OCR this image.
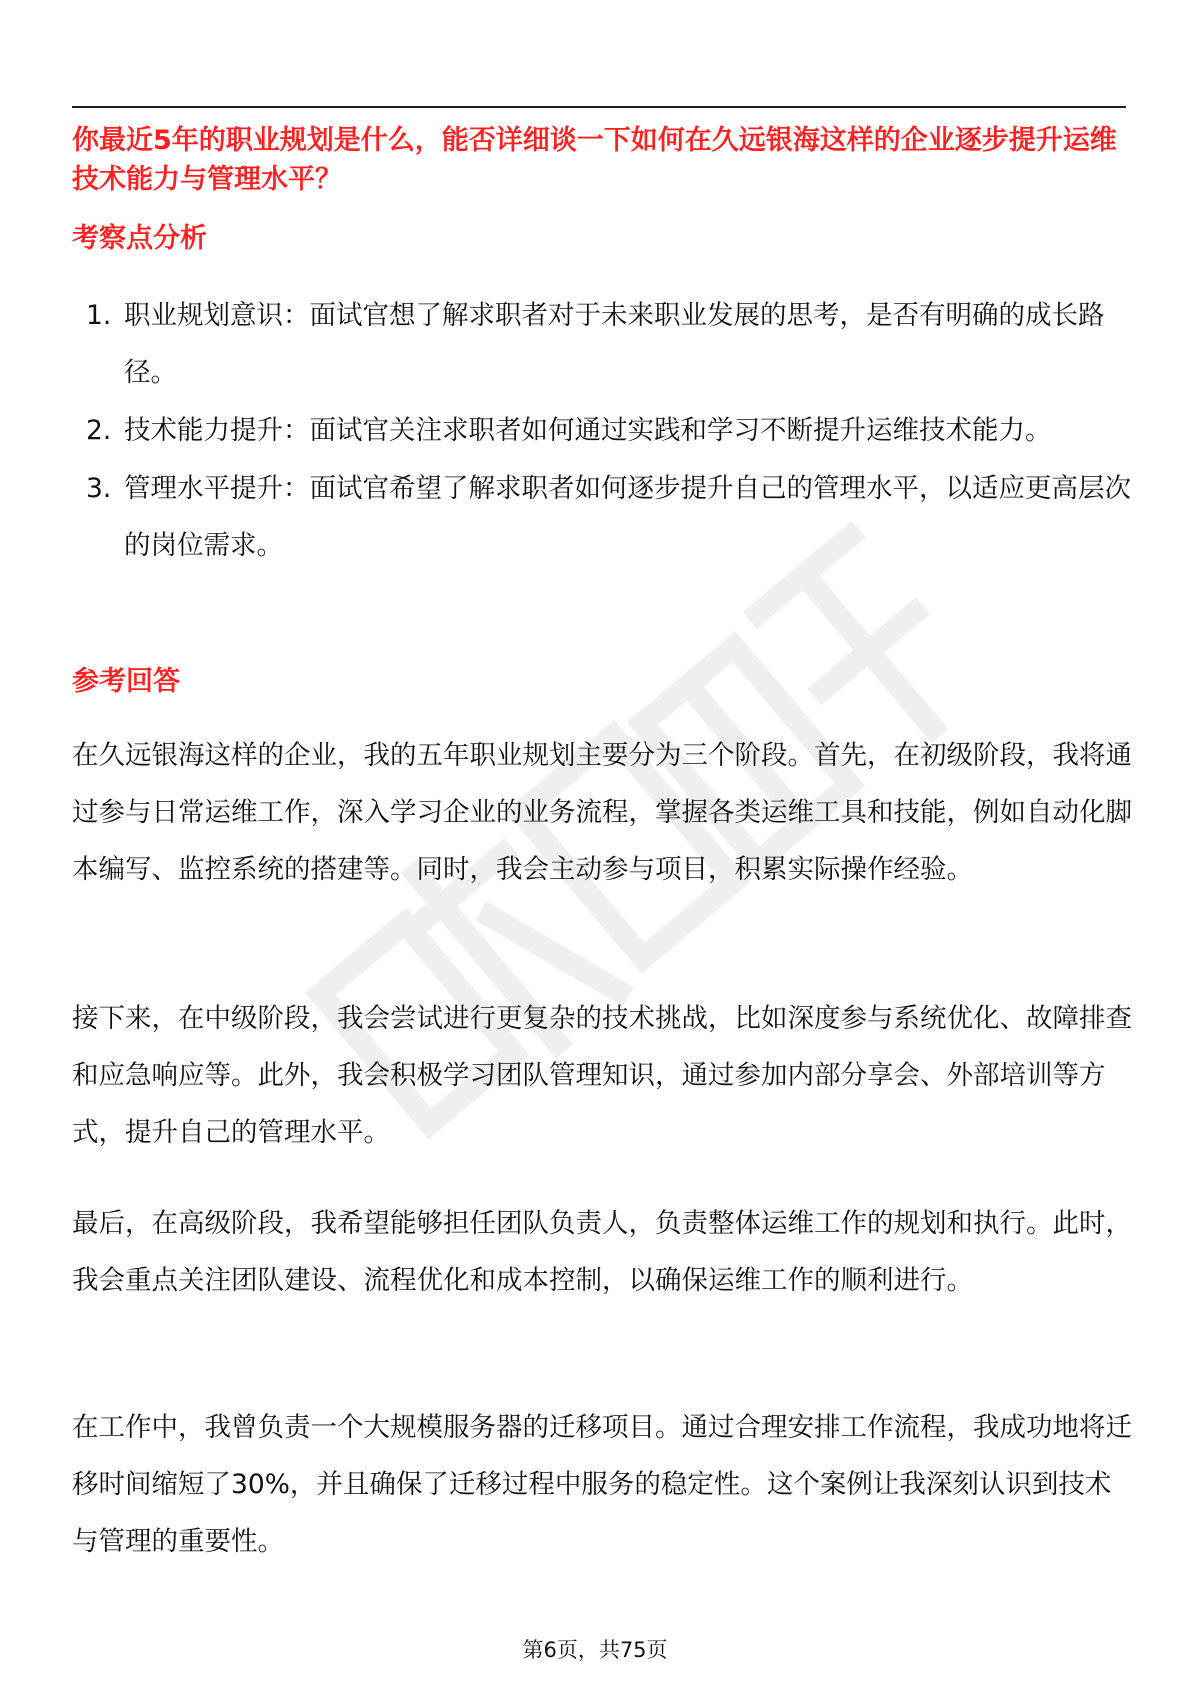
你最近5年的职业规划是什么，能否详细谈一下如何在久远银海这样的企业逐步提升运维技术能力与管理水平？
考察点分析
1. 职业规划意识：面试官想了解求职者对于未来职业发展的思考，是否有明确的成长路径。
2. 技术能力提升：面试官关注求职者如何通过实践和学习不断提升运维技术能力。
3. 管理水平提升：面试官希望了解求职者如何逐步提升自己的管理水平，以适应更高层次的岗位需求。
参考回答

在久远银海这样的企业，我的五年职业规划主要分为三个阶段。首先，在初级阶段，我将通过参与日常运维工作，深入学习企业的业务流程，掌握各类运维工具和技能，例如自动化脚本编写、监控系统的搭建等。同时，我会主动参与项目，积累实际操作经验。

接下来，在中级阶段，我会尝试进行更复杂的技术挑战，比如深度参与系统优化、故障排查和应急响应等。此外，我会积极学习团队管理知识，通过参加内部分享会、外部培训等方式，提升自己的管理水平。

最后，在高级阶段，我希望能够担任团队负责人，负责整体运维工作的规划和执行。此时，我会重点关注团队建设、流程优化和成本控制，以确保运维工作的顺利进行。

在工作中，我曾负责一个大规模服务器的迁移项目。通过合理安排工作流程，我成功地将迁移时间缩短了30%，并且确保了迁移过程中服务的稳定性。这个案例让我深刻认识到技术与管理的重要性。

第6页，共75页
